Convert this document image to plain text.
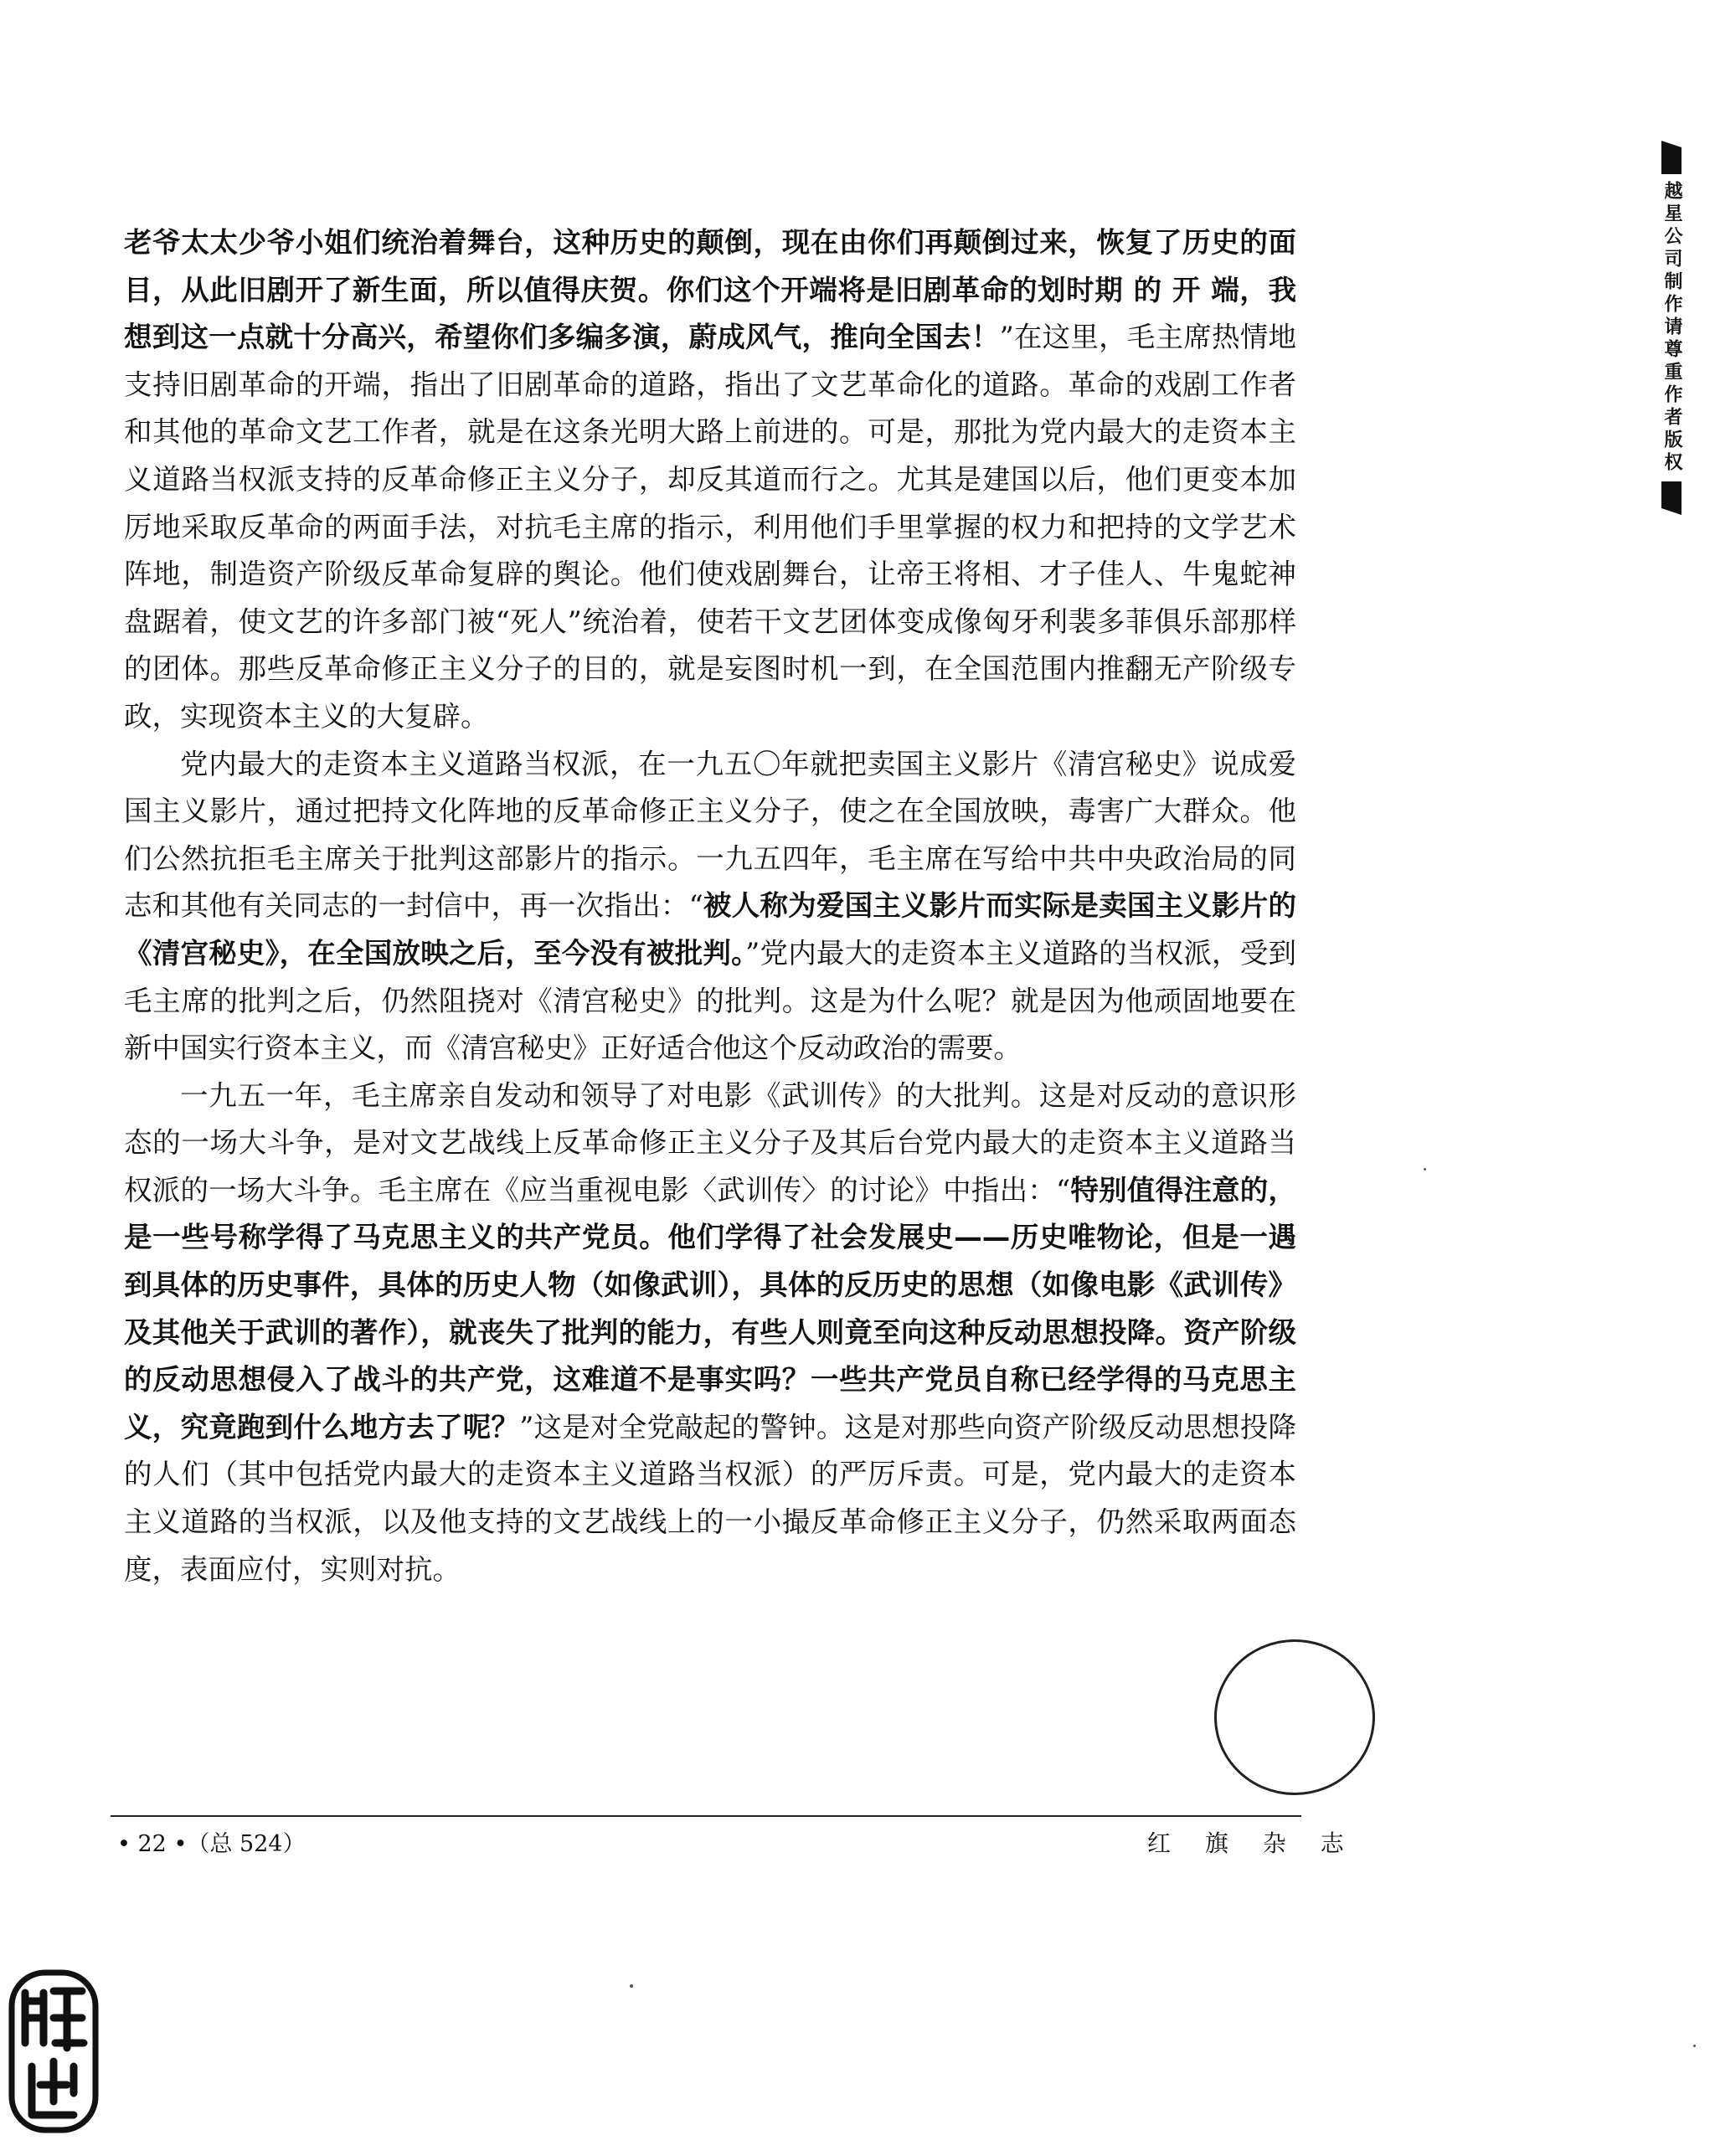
越星公司制作请尊重作者版权

老爷太太少爷小姐们统治着舞台，这种历史的颠倒，现在由你们再颠倒过来，恢复了历史的面目，从此旧剧开了新生面，所以值得庆贺。你们这个开端将是旧剧革命的划时期 的 开 端，我想到这一点就十分高兴，希望你们多编多演，蔚成风气，推向全国去！”在这里，毛主席热情地支持旧剧革命的开端，指出了旧剧革命的道路，指出了文艺革命化的道路。革命的戏剧工作者和其他的革命文艺工作者，就是在这条光明大路上前进的。可是，那批为党内最大的走资本主义道路当权派支持的反革命修正主义分子，却反其道而行之。尤其是建国以后，他们更变本加厉地采取反革命的两面手法，对抗毛主席的指示，利用他们手里掌握的权力和把持的文学艺术阵地，制造资产阶级反革命复辟的舆论。他们使戏剧舞台，让帝王将相、才子佳人、牛鬼蛇神盘踞着，使文艺的许多部门被“死人”统治着，使若干文艺团体变成像匈牙利裴多菲俱乐部那样的团体。那些反革命修正主义分子的目的，就是妄图时机一到，在全国范围内推翻无产阶级专政，实现资本主义的大复辟。

党内最大的走资本主义道路当权派，在一九五〇年就把卖国主义影片《清宫秘史》说成爱国主义影片，通过把持文化阵地的反革命修正主义分子，使之在全国放映，毒害广大群众。他们公然抗拒毛主席关于批判这部影片的指示。一九五四年，毛主席在写给中共中央政治局的同志和其他有关同志的一封信中，再一次指出：“被人称为爱国主义影片而实际是卖国主义影片的《清宫秘史》，在全国放映之后，至今没有被批判。”党内最大的走资本主义道路的当权派，受到毛主席的批判之后，仍然阻挠对《清宫秘史》的批判。这是为什么呢？就是因为他顽固地要在新中国实行资本主义，而《清宫秘史》正好适合他这个反动政治的需要。

一九五一年，毛主席亲自发动和领导了对电影《武训传》的大批判。这是对反动的意识形态的一场大斗争，是对文艺战线上反革命修正主义分子及其后台党内最大的走资本主义道路当权派的一场大斗争。毛主席在《应当重视电影〈武训传〉的讨论》中指出：“特别值得注意的，是一些号称学得了马克思主义的共产党员。他们学得了社会发展史——历史唯物论，但是一遇到具体的历史事件，具体的历史人物（如像武训），具体的反历史的思想（如像电影《武训传》及其他关于武训的著作），就丧失了批判的能力，有些人则竟至向这种反动思想投降。资产阶级的反动思想侵入了战斗的共产党，这难道不是事实吗？一些共产党员自称已经学得的马克思主义，究竟跑到什么地方去了呢？”这是对全党敲起的警钟。这是对那些向资产阶级反动思想投降的人们（其中包括党内最大的走资本主义道路当权派）的严厉斥责。可是，党内最大的走资本主义道路的当权派，以及他支持的文艺战线上的一小撮反革命修正主义分子，仍然采取两面态度，表面应付，实则对抗。

• 22 •（总 524）	红 旗 杂 志
